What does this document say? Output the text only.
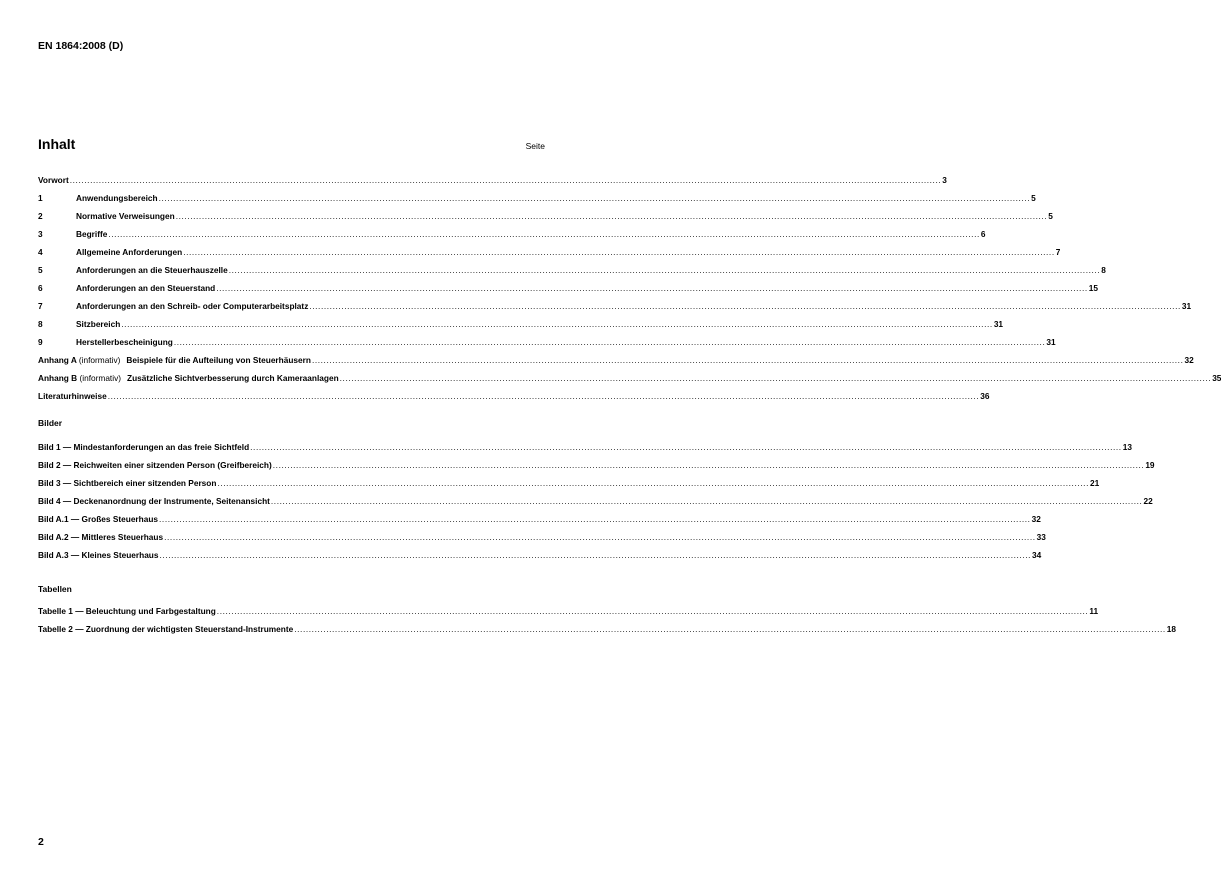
EN 1864:2008 (D)
Inhalt	Seite
Vorwort ............................................................................................................................................................................................................................................................................................................ 3
1	Anwendungsbereich ............................................................................................................................................................................................................................................................................................................ 5
2	Normative Verweisungen ............................................................................................................................................................................................................................................................................................................ 5
3	Begriffe ............................................................................................................................................................................................................................................................................................................ 6
4	Allgemeine Anforderungen ............................................................................................................................................................................................................................................................................................................ 7
5	Anforderungen an die Steuerhauszelle ............................................................................................................................................................................................................................................................................................................ 8
6	Anforderungen an den Steuerstand ............................................................................................................................................................................................................................................................................................................ 15
7	Anforderungen an den Schreib- oder Computerarbeitsplatz ............................................................................................................................................................................................................................................................................................................ 31
8	Sitzbereich ............................................................................................................................................................................................................................................................................................................ 31
9	Herstellerbescheinigung ............................................................................................................................................................................................................................................................................................................ 31
Anhang A (informativ) Beispiele für die Aufteilung von Steuerhäusern ............................................................................................................................................................................................................................................................................................................ 32
Anhang B (informativ) Zusätzliche Sichtverbesserung durch Kameraanlagen ............................................................................................................................................................................................................................................................................................................ 35
Literaturhinweise ............................................................................................................................................................................................................................................................................................................ 36
Bilder
Bild 1 — Mindestanforderungen an das freie Sichtfeld ............................................................................................................................................................................................................................................................................................................ 13
Bild 2 — Reichweiten einer sitzenden Person (Greifbereich) ............................................................................................................................................................................................................................................................................................................ 19
Bild 3 — Sichtbereich einer sitzenden Person ............................................................................................................................................................................................................................................................................................................ 21
Bild 4 — Deckenanordnung der Instrumente, Seitenansicht ............................................................................................................................................................................................................................................................................................................ 22
Bild A.1 — Großes Steuerhaus ............................................................................................................................................................................................................................................................................................................ 32
Bild A.2 — Mittleres Steuerhaus ............................................................................................................................................................................................................................................................................................................ 33
Bild A.3 — Kleines Steuerhaus ............................................................................................................................................................................................................................................................................................................ 34
Tabellen
Tabelle 1 — Beleuchtung und Farbgestaltung ............................................................................................................................................................................................................................................................................................................ 11
Tabelle 2 — Zuordnung der wichtigsten Steuerstand-Instrumente ............................................................................................................................................................................................................................................................................................................ 18
2
